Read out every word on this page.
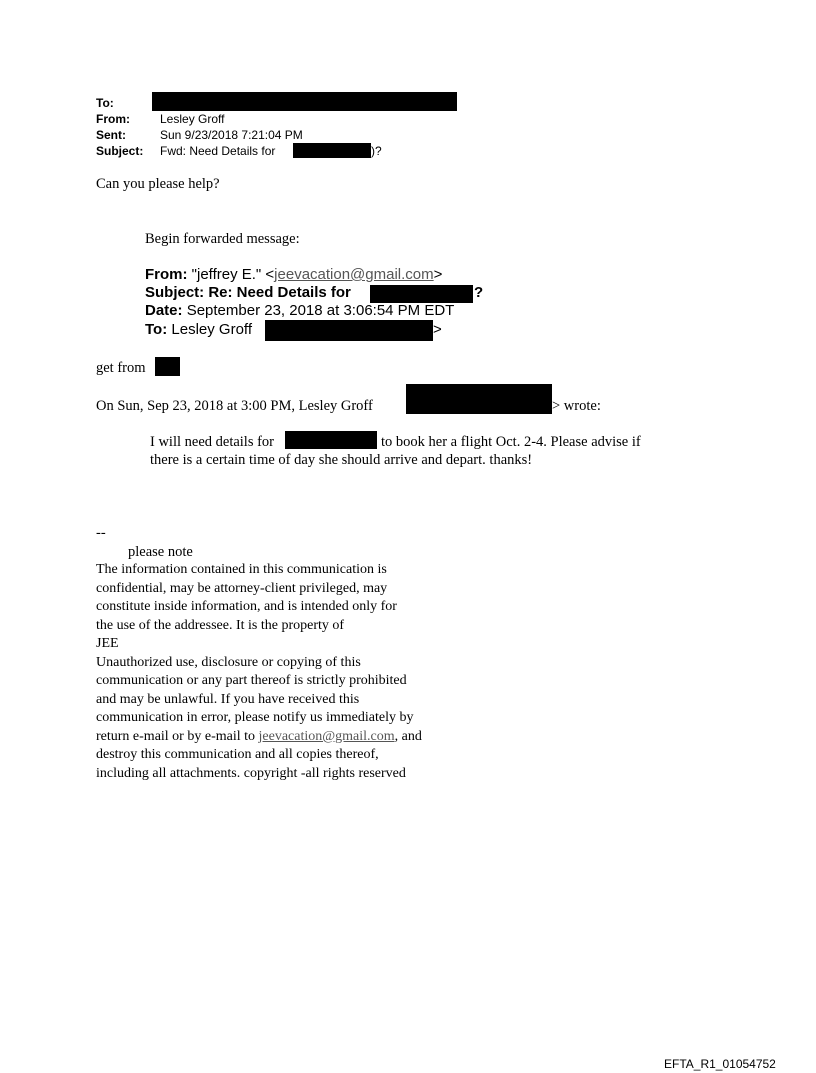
To:
From:	Lesley Groff
Sent:	Sun 9/23/2018 7:21:04 PM
Subject: Fwd: Need Details for	)?
Can you please help?
Begin forwarded message:
From: "jeffrey E." <jeevacation@gmail.com>
Subject: Re: Need Details for	?
Date: September 23, 2018 at 3:06:54 PM EDT
To: Lesley Groff	>
get from
On Sun, Sep 23, 2018 at 3:00 PM, Lesley Groff	> wrote:
I will need details for	to book her a flight Oct. 2-4. Please advise if
there is a certain time of day she should arrive and depart. thanks!
--
please note
The information contained in this communication is
confidential, may be attorney-client privileged, may
constitute inside information, and is intended only for
the use of the addressee. It is the property of
JEE
Unauthorized use, disclosure or copying of this
communication or any part thereof is strictly prohibited
and may be unlawful. If you have received this
communication in error, please notify us immediately by
return e-mail or by e-mail to jeevacation@gmail.com, and
destroy this communication and all copies thereof,
including all attachments. copyright -all rights reserved
EFTA_R1_01054752
